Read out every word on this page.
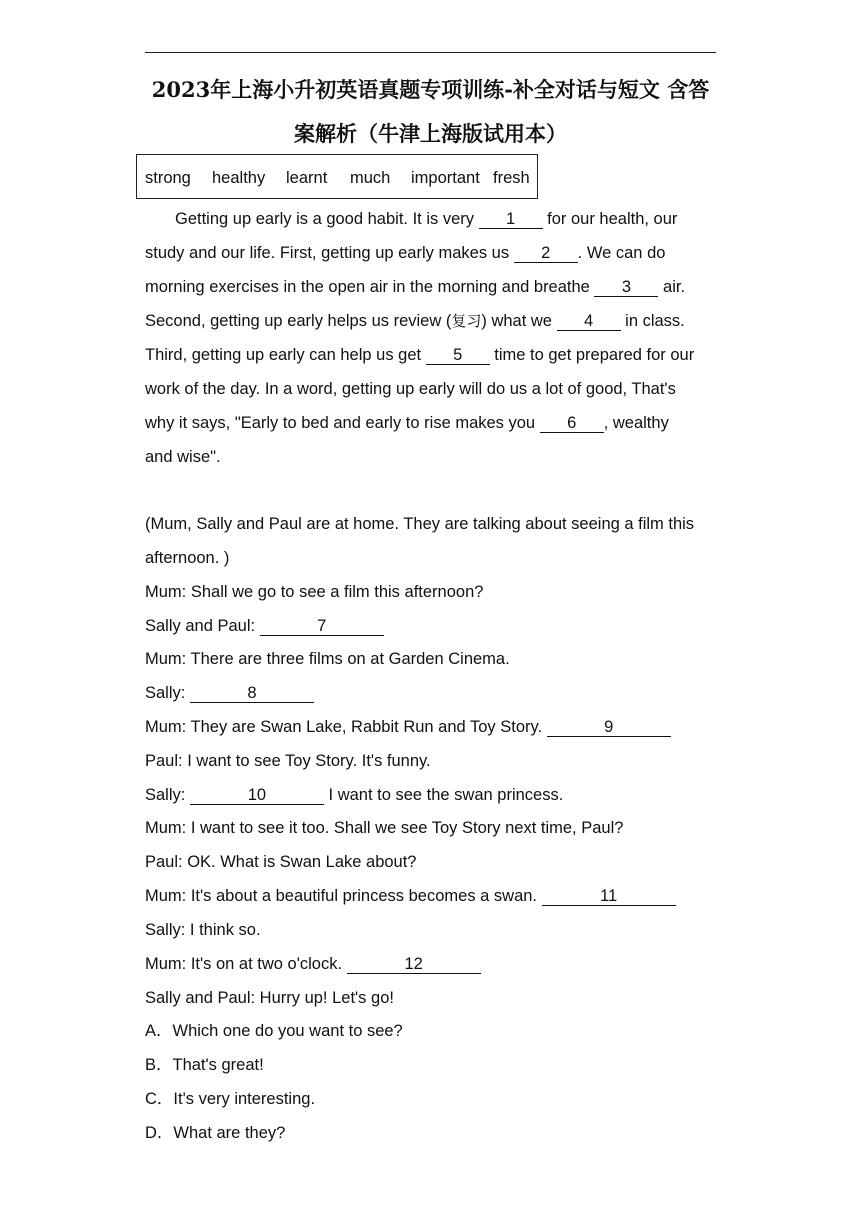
2023年上海小升初英语真题专项训练-补全对话与短文 含答
案解析（牛津上海版试用本）
strong healthy learnt much important fresh
Getting up early is a good habit. It is very 1 for our health, our
study and our life. First, getting up early makes us 2 . We can do
morning exercises in the open air in the morning and breathe 3 air.
Second, getting up early helps us review (复习) what we 4 in class.
Third, getting up early can help us get 5 time to get prepared for our
work of the day. In a word, getting up early will do us a lot of good, That's
why it says, "Early to bed and early to rise makes you 6 , wealthy
and wise".
(Mum, Sally and Paul are at home. They are talking about seeing a film this
afternoon. )
Mum: Shall we go to see a film this afternoon?
Sally and Paul:	7
Mum: There are three films on at Garden Cinema.
Sally:	8
Mum: They are Swan Lake, Rabbit Run and Toy Story.	9
Paul: I want to see Toy Story. It's funny.
Sally:	10	I want to see the swan princess.
Mum: I want to see it too. Shall we see Toy Story next time, Paul?
Paul: OK. What is Swan Lake about?
Mum: It's about a beautiful princess becomes a swan.	11
Sally: I think so.
Mum: It's on at two o'clock.	12
Sally and Paul: Hurry up! Let's go!
A．Which one do you want to see?
B．That's great!
C．It's very interesting.
D．What are they?
